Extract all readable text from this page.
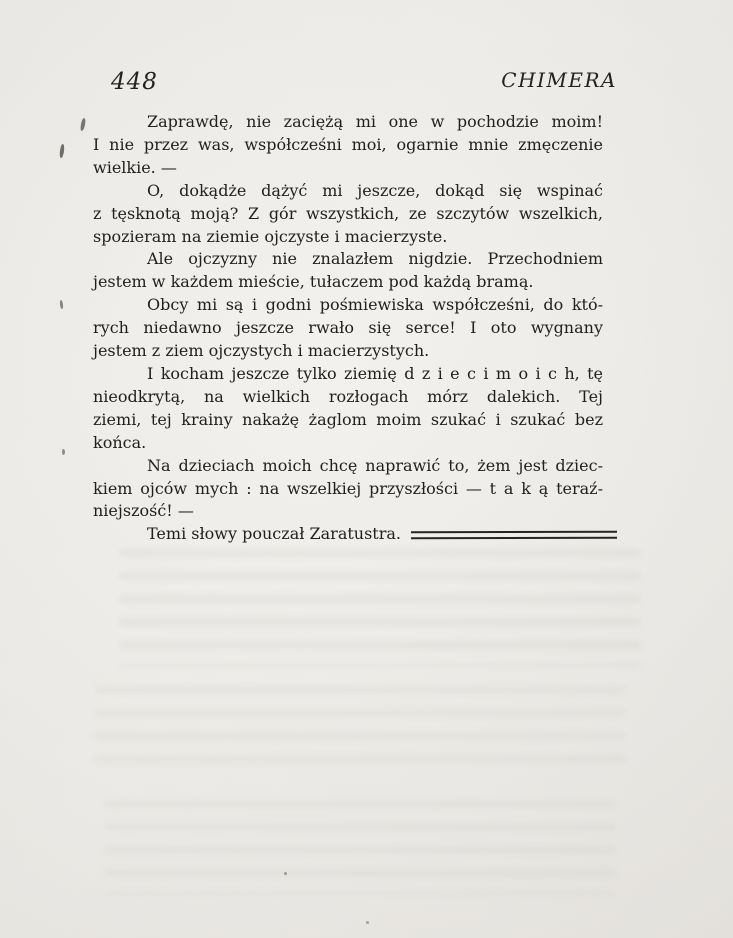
448	CHIMERA
Zaprawdę, nie zaciężą mi one w pochodzie moim!
I nie przez was, współcześni moi, ogarnie mnie zmęczenie
wielkie. —
O, dokądże dążyć mi jeszcze, dokąd się wspinać
z tęsknotą moją? Z gór wszystkich, ze szczytów wszelkich,
spozieram na ziemie ojczyste i macierzyste.
Ale ojczyzny nie znalazłem nigdzie. Przechodniem
jestem w każdem mieście, tułaczem pod każdą bramą.
Obcy mi są i godni pośmiewiska współcześni, do któ-
rych niedawno jeszcze rwało się serce! I oto wygnany
jestem z ziem ojczystych i macierzystych.
I kocham jeszcze tylko ziemię d z i e c i m o i c h, tę
nieodkrytą, na wielkich rozłogach mórz dalekich. Tej
ziemi, tej krainy nakażę żaglom moim szukać i szukać bez
końca.
Na dzieciach moich chcę naprawić to, żem jest dziec-
kiem ojców mych : na wszelkiej przyszłości — t a k ą teraź-
niejszość! —
Temi słowy pouczał Zaratustra.
